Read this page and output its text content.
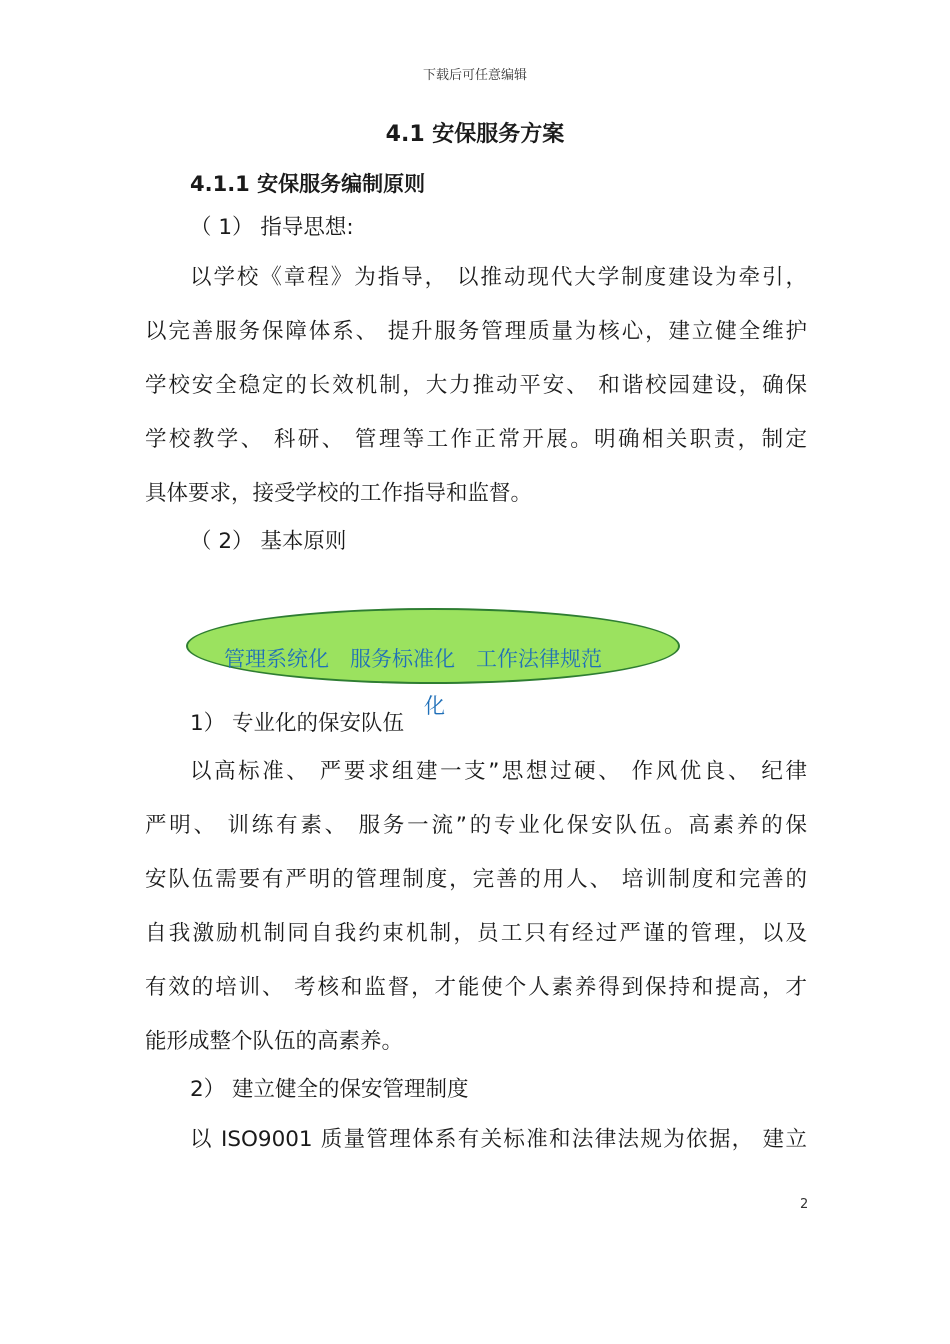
下载后可任意编辑
4.1 安保服务方案
4.1.1 安保服务编制原则
（ 1） 指导思想:
以学校《章程》为指导， 以推动现代大学制度建设为牵引，
以完善服务保障体系、 提升服务管理质量为核心，建立健全维护
学校安全稳定的长效机制，大力推动平安、 和谐校园建设，确保
学校教学、 科研、 管理等工作正常开展。明确相关职责，制定
具体要求，接受学校的工作指导和监督。
（ 2） 基本原则
管理系统化　服务标准化　工作法律规范
化
1） 专业化的保安队伍
以高标准、 严要求组建一支”思想过硬、 作风优良、 纪律
严明、 训练有素、 服务一流”的专业化保安队伍。高素养的保
安队伍需要有严明的管理制度，完善的用人、 培训制度和完善的
自我激励机制同自我约束机制，员工只有经过严谨的管理，以及
有效的培训、 考核和监督，才能使个人素养得到保持和提高，才
能形成整个队伍的高素养。
2） 建立健全的保安管理制度
以 ISO9001 质量管理体系有关标准和法律法规为依据， 建立
2
